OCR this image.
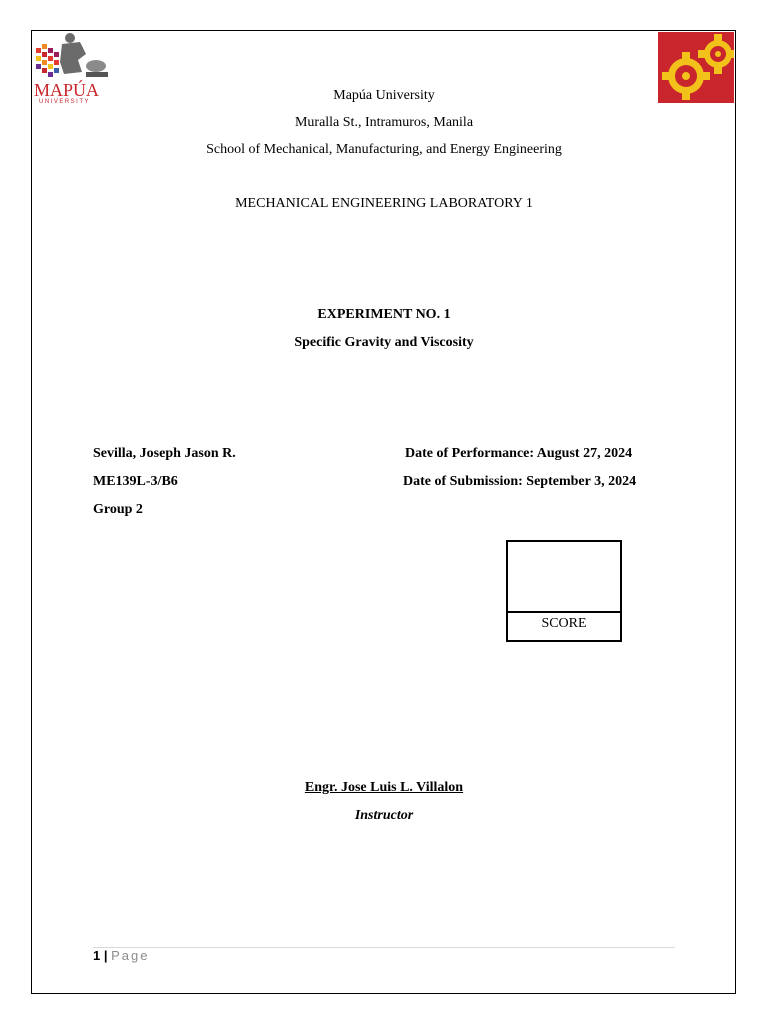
MAPÚA
UNIVERSITY	Mapúa University
Muralla St., Intramuros, Manila
School of Mechanical, Manufacturing, and Energy Engineering
MECHANICAL ENGINEERING LABORATORY 1
EXPERIMENT NO. 1
Specific Gravity and Viscosity
Sevilla, Joseph Jason R.
ME139L-3/B6
Group 2
Date of Performance: August 27, 2024
Date of Submission: September 3, 2024
SCORE
Engr. Jose Luis L. Villalon
Instructor
1 | Page
